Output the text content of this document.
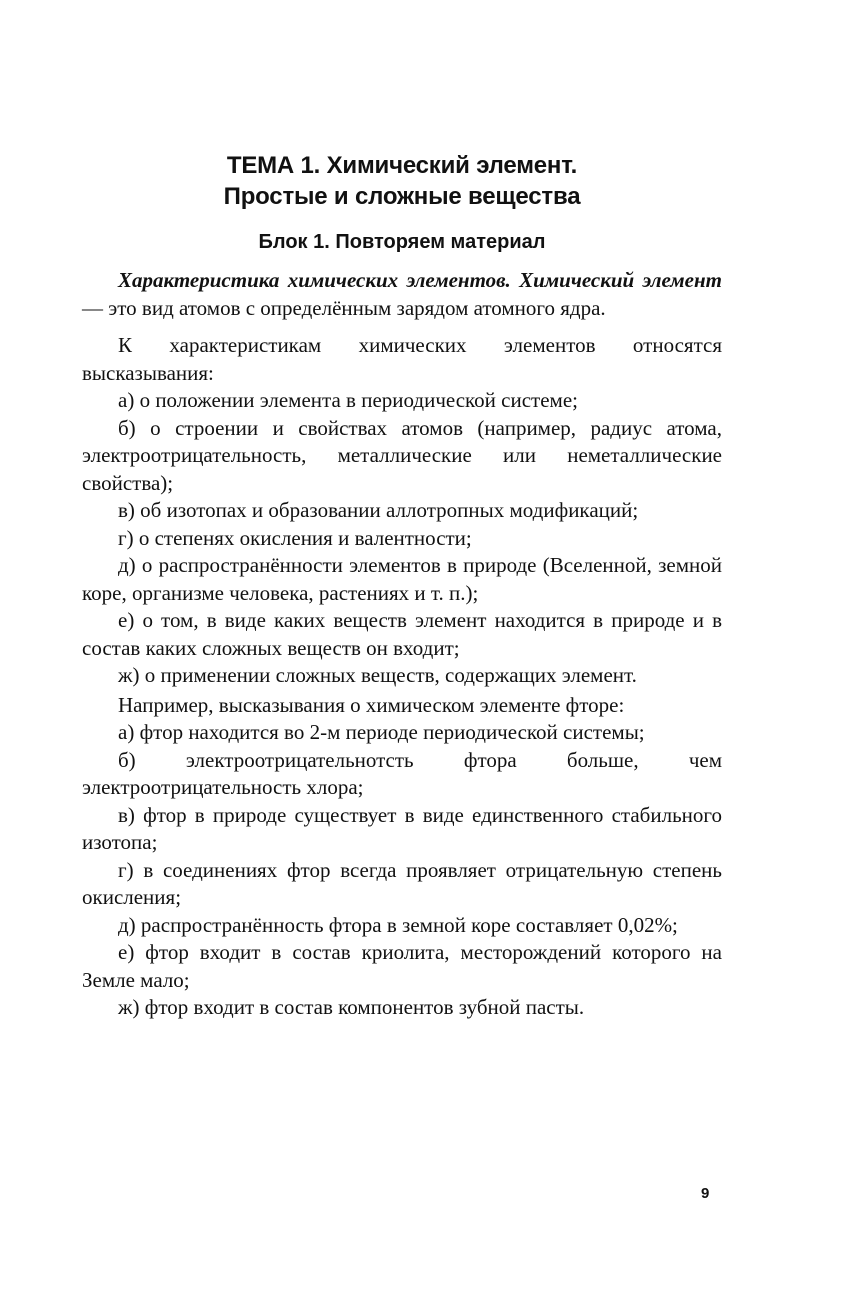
ТЕМА 1. Химический элемент.
Простые и сложные вещества
Блок 1. Повторяем материал

Характеристика химических элементов. Химический элемент — это вид атомов с определённым зарядом атомного ядра.

К характеристикам химических элементов относятся высказывания:

а) о положении элемента в периодической системе;

б) о строении и свойствах атомов (например, радиус атома, электроотрицательность, металлические или неметаллические свойства);

в) об изотопах и образовании аллотропных модификаций;

г) о степенях окисления и валентности;

д) о распространённости элементов в природе (Вселенной, земной коре, организме человека, растениях и т. п.);

е) о том, в виде каких веществ элемент находится в природе и в состав каких сложных веществ он входит;

ж) о применении сложных веществ, содержащих элемент.

Например, высказывания о химическом элементе фторе:

а) фтор находится во 2-м периоде периодической системы;

б) электроотрицательнотсть фтора больше, чем электроотрицательность хлора;

в) фтор в природе существует в виде единственного стабильного изотопа;

г) в соединениях фтор всегда проявляет отрицательную степень окисления;

д) распространённость фтора в земной коре составляет 0,02%;

е) фтор входит в состав криолита, месторождений которого на Земле мало;

ж) фтор входит в состав компонентов зубной пасты.

9
